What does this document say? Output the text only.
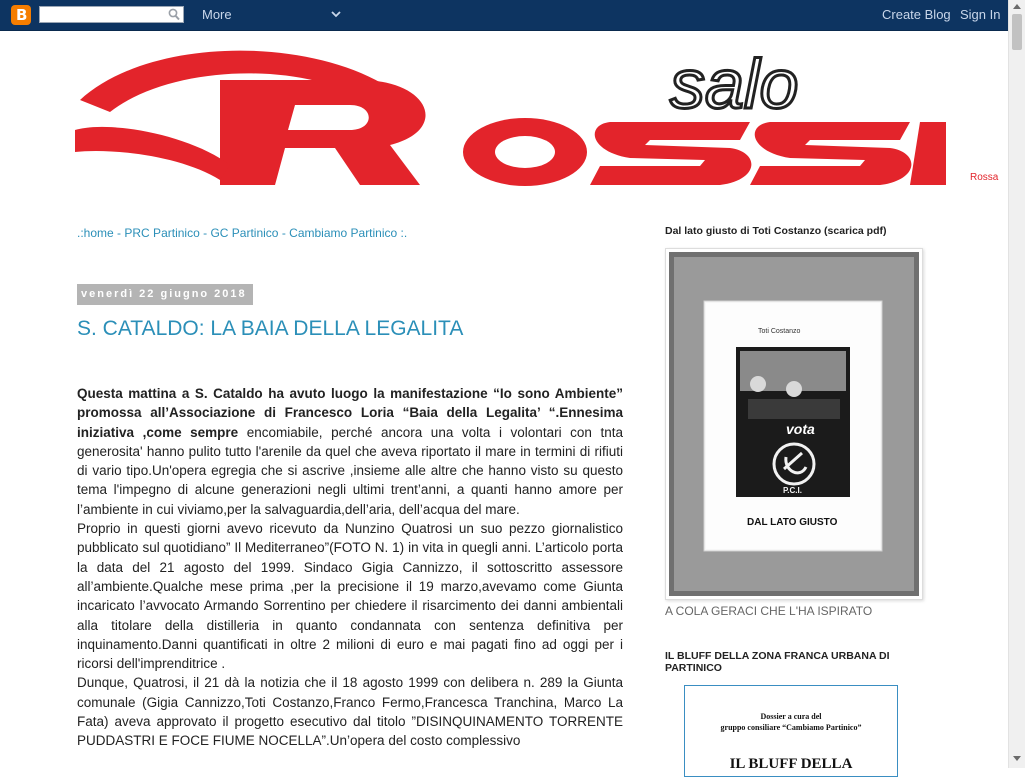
B	More	Create Blog Sign In
salo
Rossa
.:home - PRC Partinico - GC Partinico - Cambiamo Partinico :.
venerdì 22 giugno 2018
S. CATALDO: LA BAIA DELLA LEGALITA

Questa mattina a S. Cataldo ha avuto luogo la manifestazione “Io sono Ambiente” promossa all’Associazione di Francesco Loria “Baia della Legalita’ “.Ennesima iniziativa ,come sempre encomiabile, perché ancora una volta i volontari con tnta generosita' hanno pulito tutto l'arenile da quel che aveva riportato il mare in termini di rifiuti di vario tipo.Un'opera egregia che si ascrive ,insieme alle altre che hanno visto su questo tema l'impegno di alcune generazioni negli ultimi trent’anni, a quanti hanno amore per l’ambiente in cui viviamo,per la salvaguardia,dell’aria, dell’acqua del mare.

Proprio in questi giorni avevo ricevuto da Nunzino Quatrosi un suo pezzo giornalistico pubblicato sul quotidiano” Il Mediterraneo”(FOTO N. 1) in vita in quegli anni. L’articolo porta la data del 21 agosto del 1999. Sindaco Gigia Cannizzo, il sottoscritto assessore all’ambiente.Qualche mese prima ,per la precisione il 19 marzo,avevamo come Giunta incaricato l’avvocato Armando Sorrentino per chiedere il risarcimento dei danni ambientali alla titolare della distilleria in quanto condannata con sentenza definitiva per inquinamento.Danni quantificati in oltre 2 milioni di euro e mai pagati fino ad oggi per i ricorsi dell'imprenditrice .

Dunque, Quatrosi, il 21 dà la notizia che il 18 agosto 1999 con delibera n. 289 la Giunta comunale (Gigia Cannizzo,Toti Costanzo,Franco Fermo,Francesca Tranchina, Marco La Fata) aveva approvato il progetto esecutivo dal titolo ”DISINQUINAMENTO TORRENTE PUDDASTRI E FOCE FIUME NOCELLA”.Un’opera del costo complessivo

Dal lato giusto di Toti Costanzo (scarica pdf)
Toti Costanzo
vota
P.C.I.
DAL LATO GIUSTO
A COLA GERACI CHE L'HA ISPIRATO
IL BLUFF DELLA ZONA FRANCA URBANA DI PARTINICO
Dossier a cura del
gruppo consiliare “Cambiamo Partinico”
IL BLUFF DELLA
